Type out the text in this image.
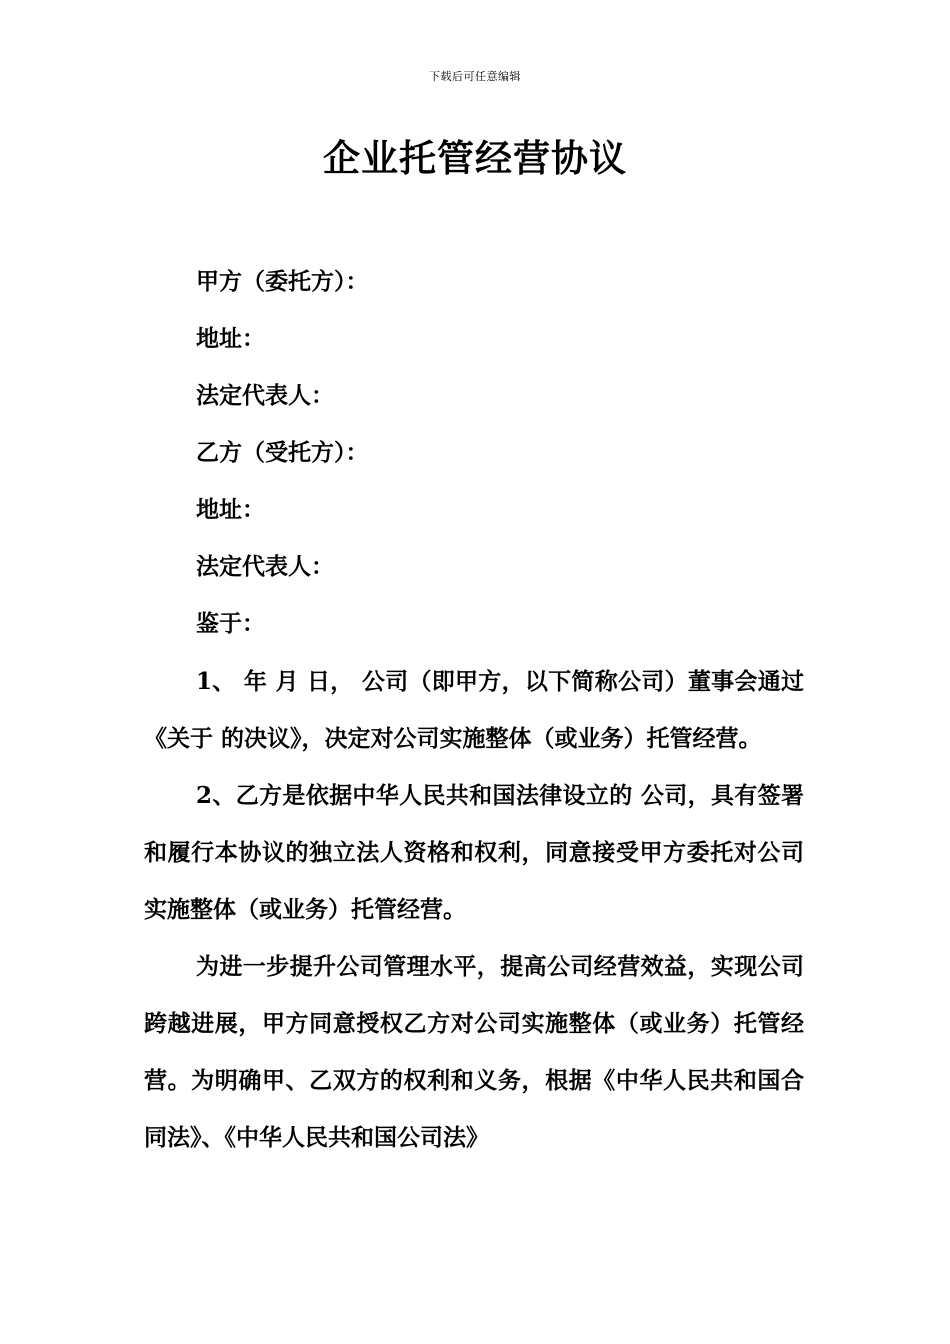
下载后可任意编辑
企业托管经营协议
甲方（委托方）：
地址：
法定代表人：
乙方（受托方）：
地址：
法定代表人：
鉴于：

1、 年 月 日， 公司（即甲方，以下简称公司）董事会通过《关于 的决议》，决定对公司实施整体（或业务）托管经营。

2、乙方是依据中华人民共和国法律设立的 公司，具有签署和履行本协议的独立法人资格和权利，同意接受甲方委托对公司实施整体（或业务）托管经营。

为进一步提升公司管理水平，提高公司经营效益，实现公司跨越进展，甲方同意授权乙方对公司实施整体（或业务）托管经营。为明确甲、乙双方的权利和义务，根据《中华人民共和国合同法》、《中华人民共和国公司法》
